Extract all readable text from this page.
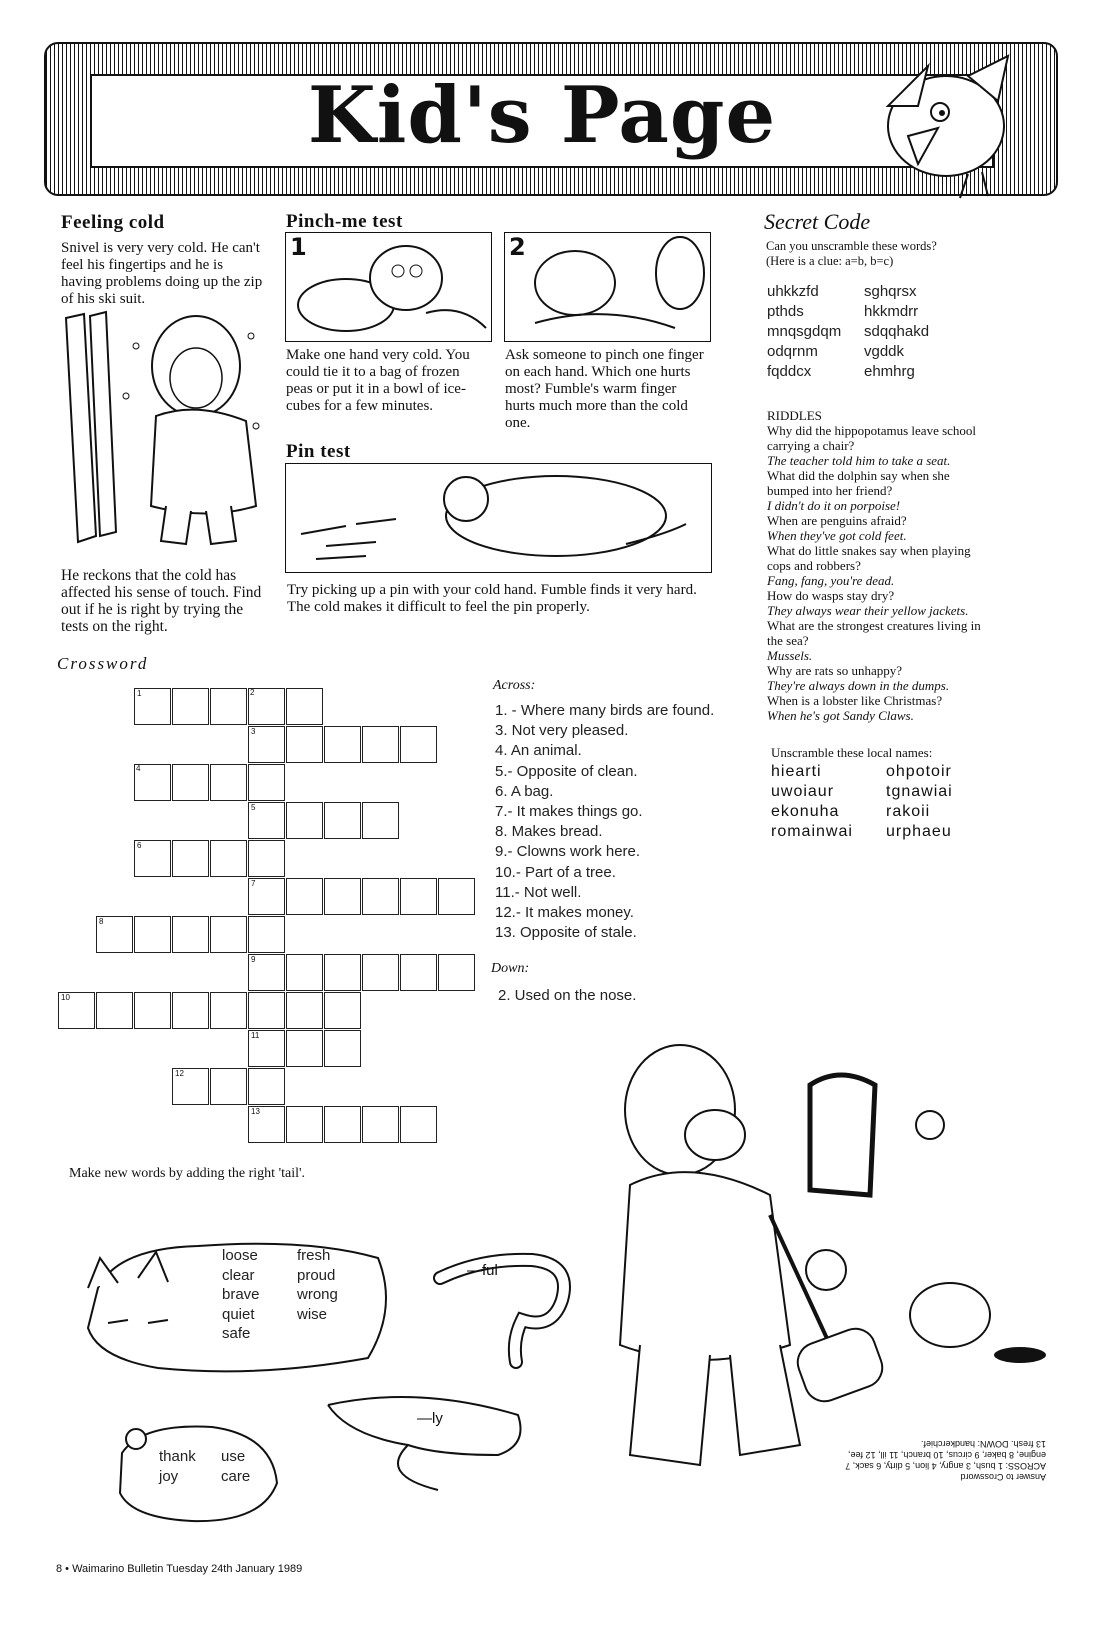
Kid's Page
Feeling cold
Snivel is very very cold. He can't feel his fingertips and he is having problems doing up the zip of his ski suit.
He reckons that the cold has affected his sense of touch. Find out if he is right by trying the tests on the right.
Pinch-me test
1	2
Make one hand very cold. You could tie it to a bag of frozen peas or put it in a bowl of ice-cubes for a few minutes.
Ask someone to pinch one finger on each hand. Which one hurts most? Fumble's warm finger hurts much more than the cold one.
Pin test
Try picking up a pin with your cold hand. Fumble finds it very hard. The cold makes it difficult to feel the pin properly.
Secret Code
Can you unscramble these words? (Here is a clue: a=b, b=c)
uhkkzfd
pthds
mnqsgdqm
odqrnm
fqddcx
sghqrsx
hkkmdrr
sdqqhakd
vgddk
ehmhrg
RIDDLES
Why did the hippopotamus leave school carrying a chair?
The teacher told him to take a seat.
What did the dolphin say when she bumped into her friend?
I didn't do it on porpoise!
When are penguins afraid?
When they've got cold feet.
What do little snakes say when playing cops and robbers?
Fang, fang, you're dead.
How do wasps stay dry?
They always wear their yellow jackets.
What are the strongest creatures living in the sea?
Mussels.
Why are rats so unhappy?
They're always down in the dumps.
When is a lobster like Christmas?
When he's got Sandy Claws.
Unscramble these local names:
hiearti
uwoiaur
ekonuha
romainwai
ohpotoir
tgnawiai
rakoii
urphaeu
Crossword
1
3
5
6
7
8
9
10
11
12
13
2
4
Across:
1. - Where many birds are found.
3. Not very pleased.
4. An animal.
5.- Opposite of clean.
6. A bag.
7.- It makes things go.
8. Makes bread.
9.- Clowns work here.
10.- Part of a tree.
11.- Not well.
12.- It makes money.
13. Opposite of stale.
Down:
2. Used on the nose.
Make new words by adding the right 'tail'.
loose
clear
brave
quiet
safe
fresh
proud
wrong
wise
—ful
—ly
thank
joy
use
care	Answer to Crossword
ACROSS: 1 bush, 3 angry, 4 lion, 5 dirty, 6 sack, 7
engine, 8 baker, 9 circus, 10 branch, 11 ill, 12 fee,
13 fresh. DOWN: handkerchief.
8 • Waimarino Bulletin Tuesday 24th January 1989
